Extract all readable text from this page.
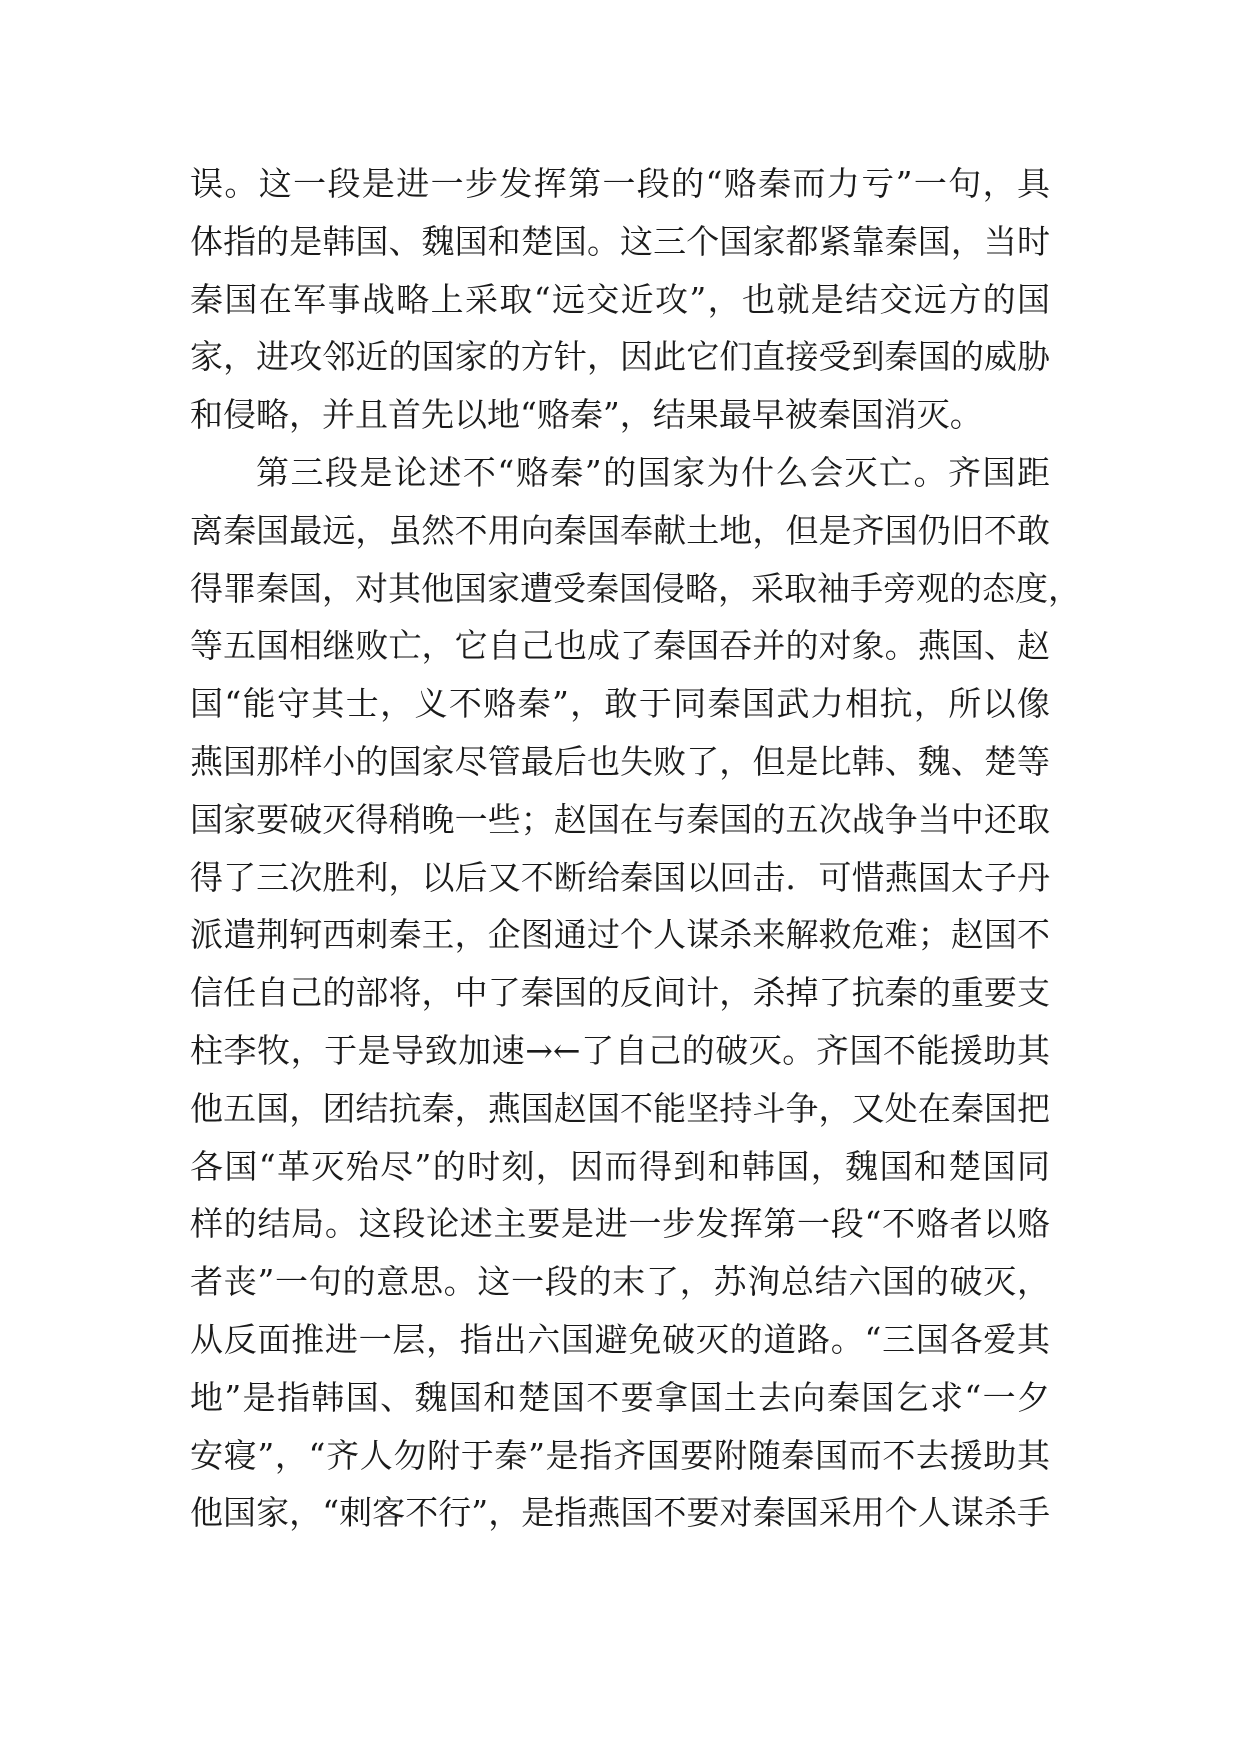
误。这一段是进一步发挥第一段的“赂秦而力亏”一句，具
体指的是韩国、魏国和楚国。这三个国家都紧靠秦国，当时
秦国在军事战略上采取“远交近攻”，也就是结交远方的国
家，进攻邻近的国家的方针，因此它们直接受到秦国的威胁
和侵略，并且首先以地“赂秦”，结果最早被秦国消灭。
第三段是论述不“赂秦”的国家为什么会灭亡。齐国距
离秦国最远，虽然不用向秦国奉献土地，但是齐国仍旧不敢
得罪秦国，对其他国家遭受秦国侵略，采取袖手旁观的态度，
等五国相继败亡，它自己也成了秦国吞并的对象。燕国、赵
国“能守其士，义不赂秦”，敢于同秦国武力相抗，所以像
燕国那样小的国家尽管最后也失败了，但是比韩、魏、楚等
国家要破灭得稍晚一些；赵国在与秦国的五次战争当中还取
得了三次胜利，以后又不断给秦国以回击．可惜燕国太子丹
派遣荆轲西刺秦王，企图通过个人谋杀来解救危难；赵国不
信任自己的部将，中了秦国的反间计，杀掉了抗秦的重要支
柱李牧，于是导致加速→←了自己的破灭。齐国不能援助其
他五国，团结抗秦，燕国赵国不能坚持斗争，又处在秦国把
各国“革灭殆尽”的时刻，因而得到和韩国，魏国和楚国同
样的结局。这段论述主要是进一步发挥第一段“不赂者以赂
者丧”一句的意思。这一段的末了，苏洵总结六国的破灭，
从反面推进一层，指出六国避免破灭的道路。“三国各爱其
地”是指韩国、魏国和楚国不要拿国土去向秦国乞求“一夕
安寝”，“齐人勿附于秦”是指齐国要附随秦国而不去援助其
他国家，“刺客不行”，是指燕国不要对秦国采用个人谋杀手
